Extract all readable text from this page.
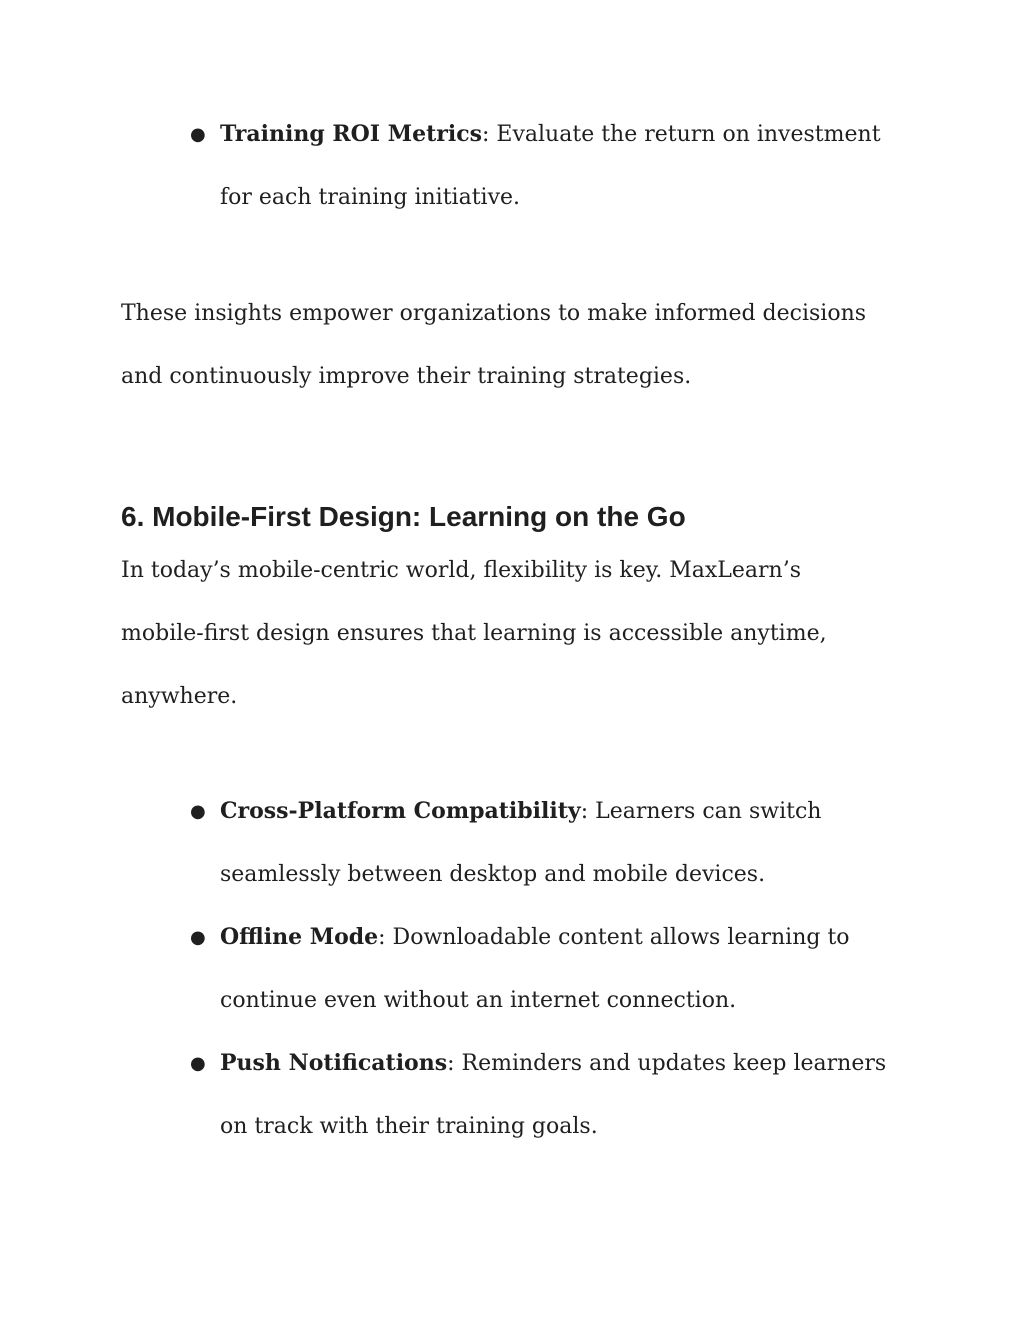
● Training ROI Metrics: Evaluate the return on investment for each training initiative.

These insights empower organizations to make informed decisions and continuously improve their training strategies.

6. Mobile-First Design: Learning on the Go

In today’s mobile-centric world, flexibility is key. MaxLearn’s mobile-first design ensures that learning is accessible anytime, anywhere.

● Cross-Platform Compatibility: Learners can switch seamlessly between desktop and mobile devices.
● Offline Mode: Downloadable content allows learning to continue even without an internet connection.
● Push Notifications: Reminders and updates keep learners on track with their training goals.
